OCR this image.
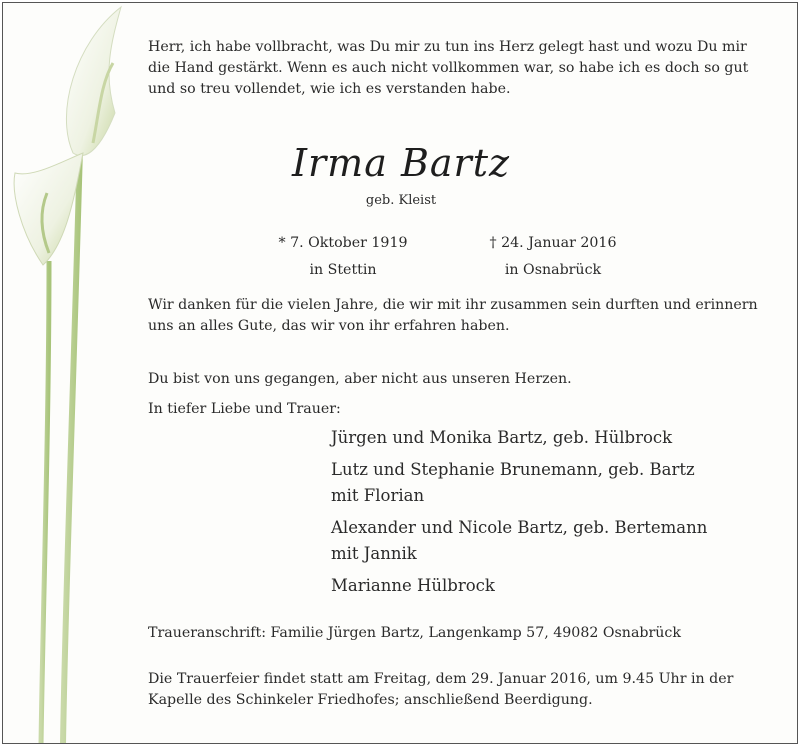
Herr, ich habe vollbracht, was Du mir zu tun ins Herz gelegt hast und wozu Du mir
die Hand gestärkt. Wenn es auch nicht vollkommen war, so habe ich es doch so gut
und so treu vollendet, wie ich es verstanden habe.
Irma Bartz
geb. Kleist
* 7. Oktober 1919
in Stettin
† 24. Januar 2016
in Osnabrück
Wir danken für die vielen Jahre, die wir mit ihr zusammen sein durften und erinnern
uns an alles Gute, das wir von ihr erfahren haben.
Du bist von uns gegangen, aber nicht aus unseren Herzen.
In tiefer Liebe und Trauer:
Jürgen und Monika Bartz, geb. Hülbrock
Lutz und Stephanie Brunemann, geb. Bartz
mit Florian
Alexander und Nicole Bartz, geb. Bertemann
mit Jannik
Marianne Hülbrock
Traueranschrift: Familie Jürgen Bartz, Langenkamp 57, 49082 Osnabrück
Die Trauerfeier findet statt am Freitag, dem 29. Januar 2016, um 9.45 Uhr in der
Kapelle des Schinkeler Friedhofes; anschließend Beerdigung.
